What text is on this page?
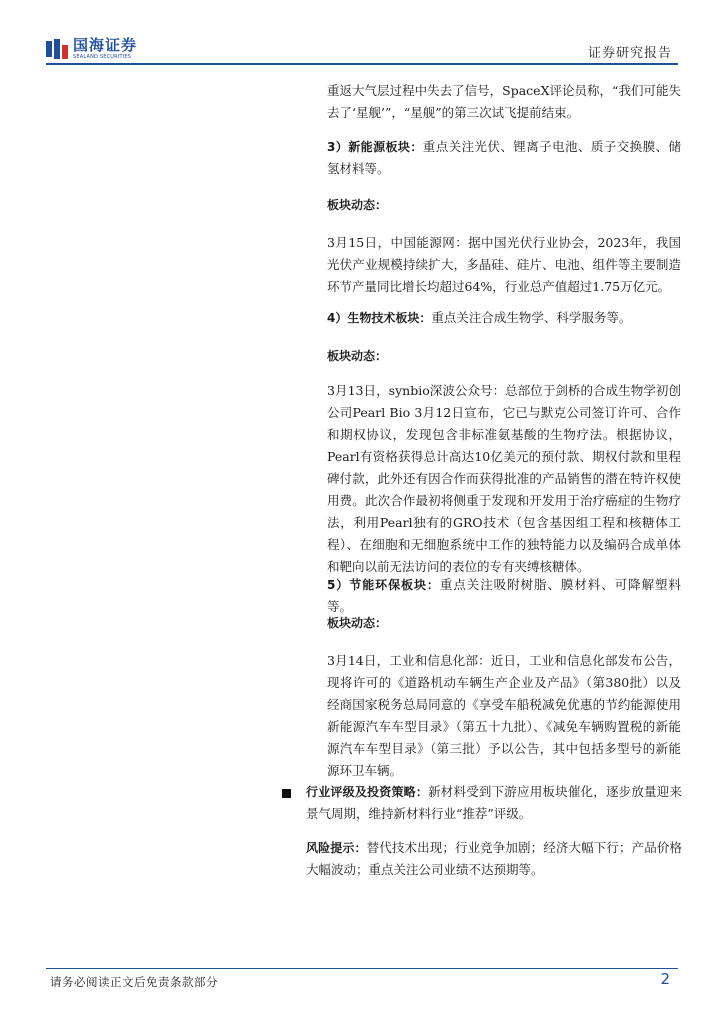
国海证券
SEALAND SECURITIES	证券研究报告

重返大气层过程中失去了信号，SpaceX评论员称，“我们可能失去了‘星舰’”，“星舰”的第三次试飞提前结束。

3）新能源板块：重点关注光伏、锂离子电池、质子交换膜、储氢材料等。

板块动态：

3月15日，中国能源网：据中国光伏行业协会，2023年，我国光伏产业规模持续扩大，多晶硅、硅片、电池、组件等主要制造环节产量同比增长均超过64%，行业总产值超过1.75万亿元。

4）生物技术板块：重点关注合成生物学、科学服务等。

板块动态：

3月13日，synbio深波公众号：总部位于剑桥的合成生物学初创公司Pearl Bio 3月12日宣布，它已与默克公司签订许可、合作和期权协议，发现包含非标准氨基酸的生物疗法。根据协议，Pearl有资格获得总计高达10亿美元的预付款、期权付款和里程碑付款，此外还有因合作而获得批准的产品销售的潜在特许权使用费。此次合作最初将侧重于发现和开发用于治疗癌症的生物疗法，利用Pearl独有的GRO技术（包含基因组工程和核糖体工程）、在细胞和无细胞系统中工作的独特能力以及编码合成单体和靶向以前无法访问的表位的专有夹缚核糖体。

5）节能环保板块：重点关注吸附树脂、膜材料、可降解塑料等。

板块动态：

3月14日，工业和信息化部：近日，工业和信息化部发布公告，现将许可的《道路机动车辆生产企业及产品》（第380批）以及经商国家税务总局同意的《享受车船税减免优惠的节约能源使用新能源汽车车型目录》（第五十九批）、《减免车辆购置税的新能源汽车车型目录》（第三批）予以公告，其中包括多型号的新能源环卫车辆。

行业评级及投资策略：新材料受到下游应用板块催化，逐步放量迎来景气周期，维持新材料行业“推荐”评级。

风险提示：替代技术出现；行业竞争加剧；经济大幅下行；产品价格大幅波动；重点关注公司业绩不达预期等。

请务必阅读正文后免责条款部分	2
